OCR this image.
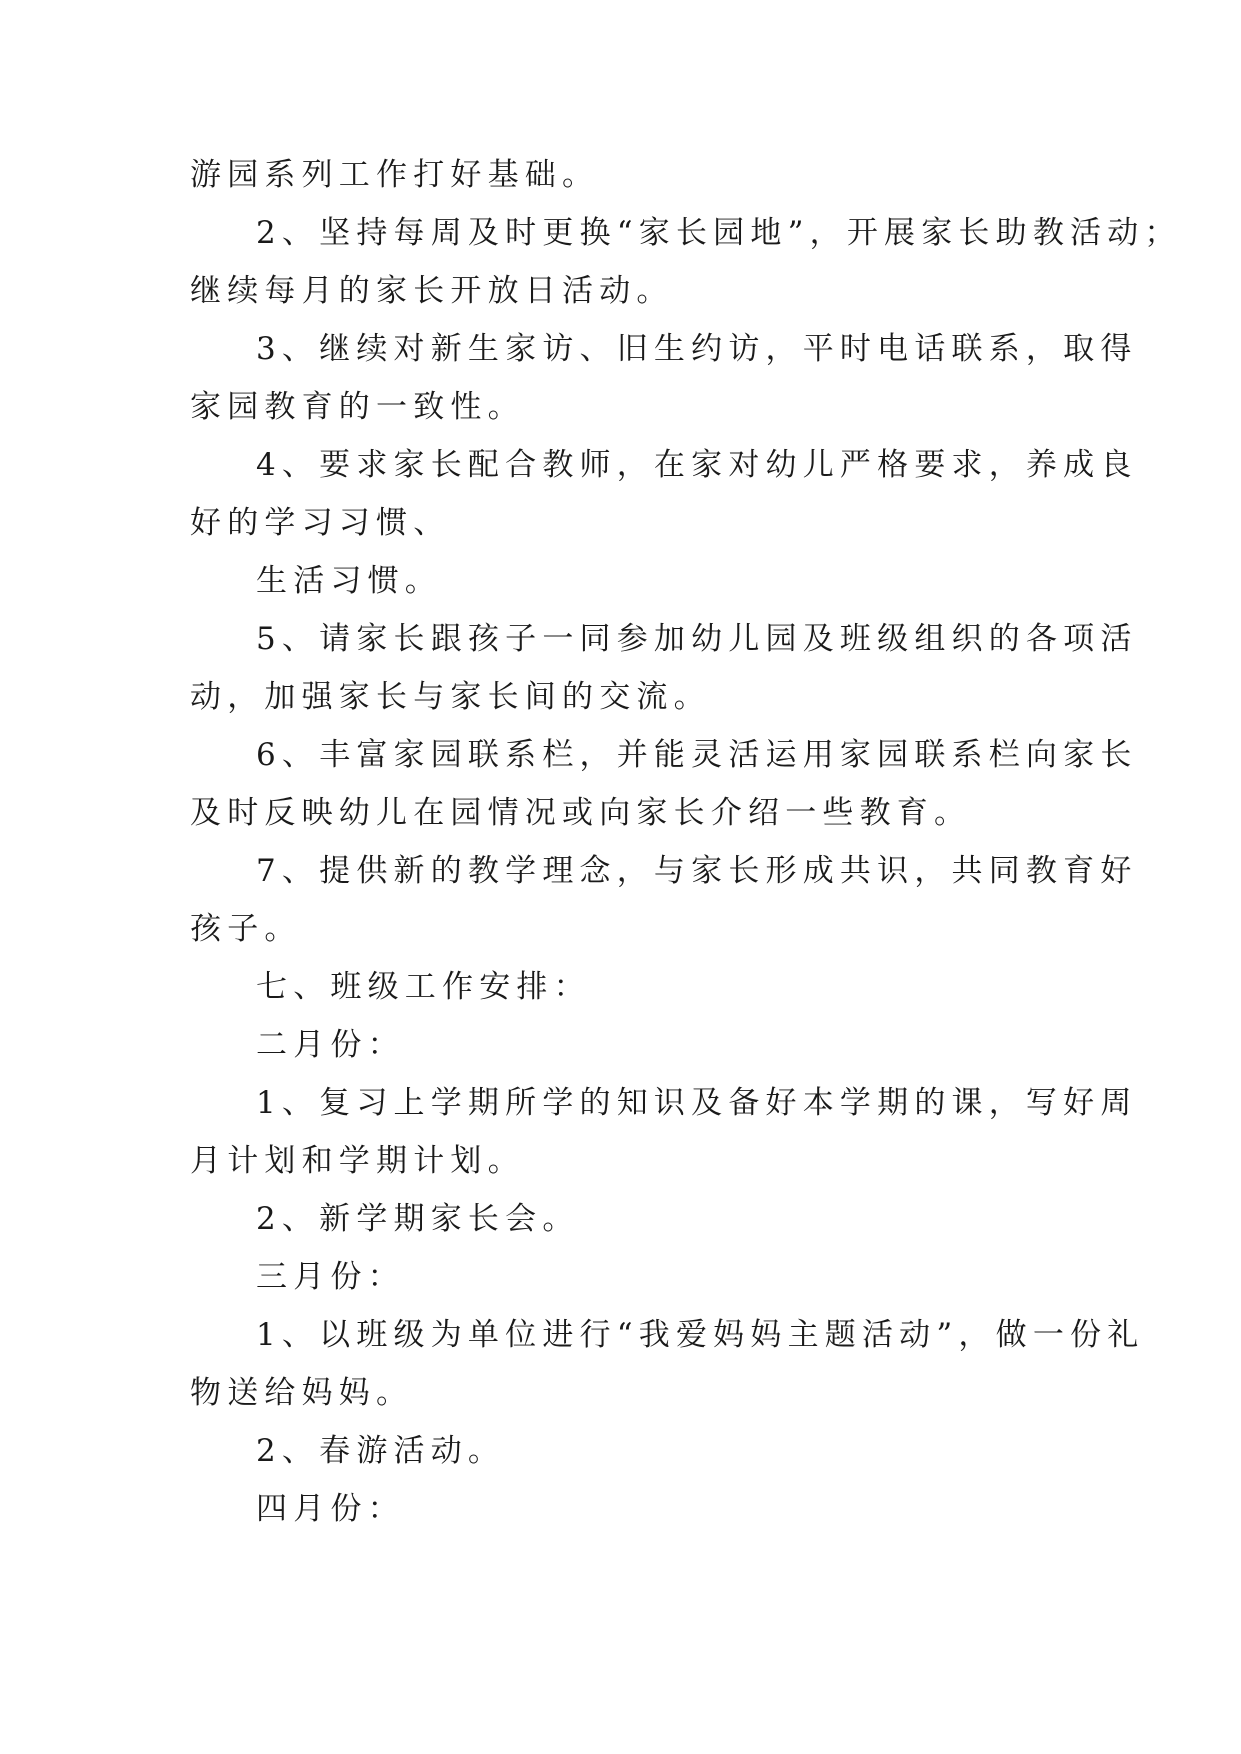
游园系列工作打好基础。

2、坚持每周及时更换“家长园地”，开展家长助教活动；

继续每月的家长开放日活动。

3、继续对新生家访、旧生约访，平时电话联系，取得

家园教育的一致性。

4、要求家长配合教师，在家对幼儿严格要求，养成良

好的学习习惯、

生活习惯。

5、请家长跟孩子一同参加幼儿园及班级组织的各项活

动，加强家长与家长间的交流。

6、丰富家园联系栏，并能灵活运用家园联系栏向家长

及时反映幼儿在园情况或向家长介绍一些教育。

7、提供新的教学理念，与家长形成共识，共同教育好

孩子。

七、班级工作安排：

二月份：

1、复习上学期所学的知识及备好本学期的课，写好周

月计划和学期计划。

2、新学期家长会。

三月份：

1、以班级为单位进行“我爱妈妈主题活动”，做一份礼

物送给妈妈。

2、春游活动。

四月份：
